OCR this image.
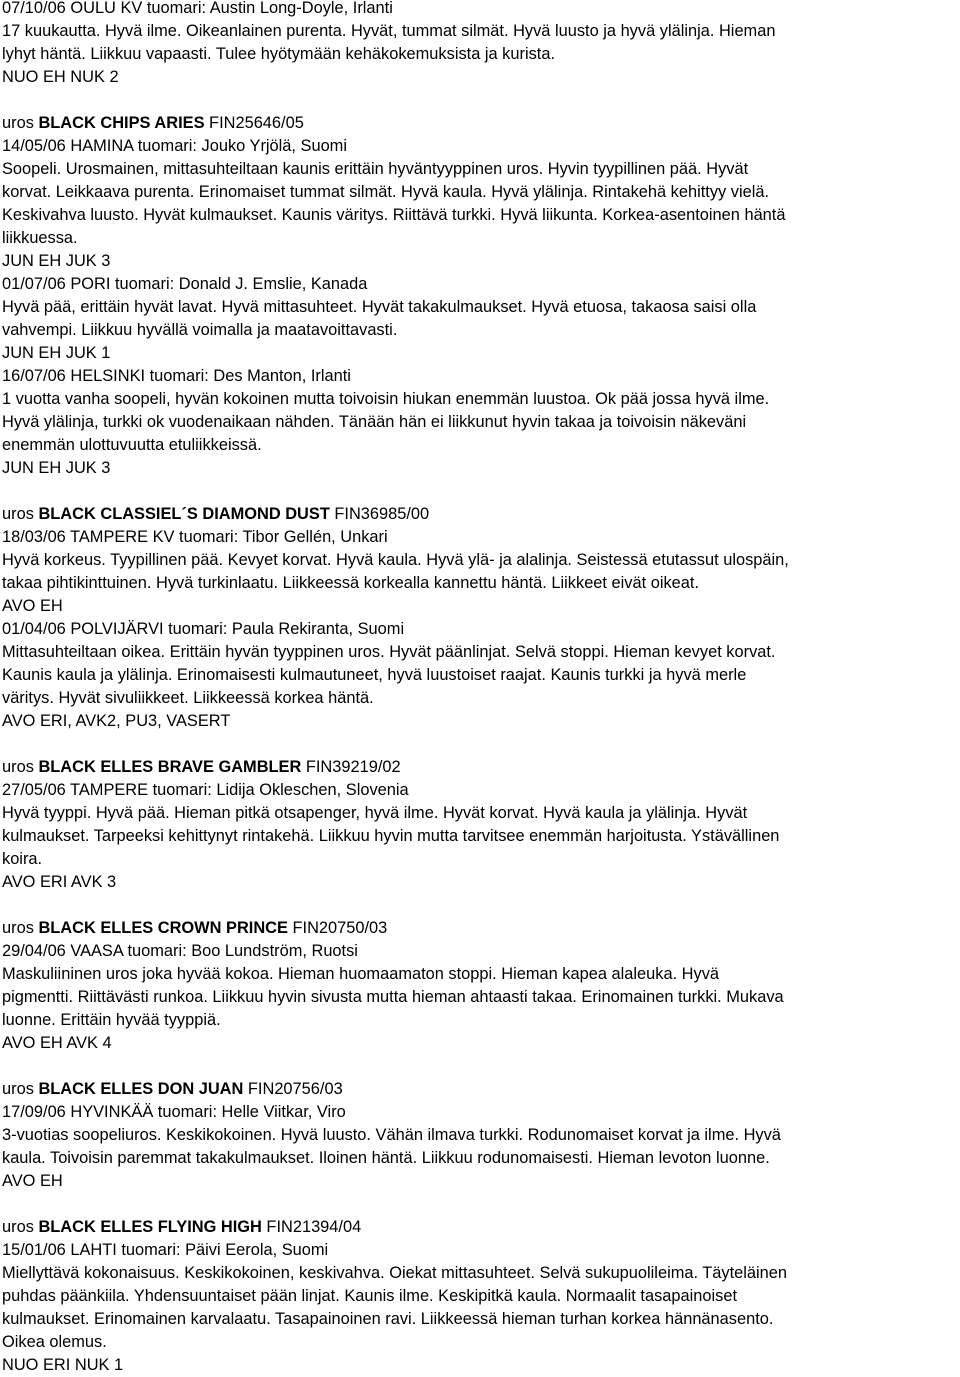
07/10/06 OULU KV tuomari: Austin Long-Doyle, Irlanti
17 kuukautta. Hyvä ilme. Oikeanlainen purenta. Hyvät, tummat silmät. Hyvä luusto ja hyvä ylälinja. Hieman
lyhyt häntä. Liikkuu vapaasti. Tulee hyötymään kehäkokemuksista ja kurista.
NUO EH NUK 2
uros BLACK CHIPS ARIES FIN25646/05
14/05/06 HAMINA tuomari: Jouko Yrjölä, Suomi
Soopeli. Urosmainen, mittasuhteiltaan kaunis erittäin hyväntyyppinen uros. Hyvin tyypillinen pää. Hyvät
korvat. Leikkaava purenta. Erinomaiset tummat silmät. Hyvä kaula. Hyvä ylälinja. Rintakehä kehittyy vielä.
Keskivahva luusto. Hyvät kulmaukset. Kaunis väritys. Riittävä turkki. Hyvä liikunta. Korkea-asentoinen häntä
liikkuessa.
JUN EH JUK 3
01/07/06 PORI tuomari: Donald J. Emslie, Kanada
Hyvä pää, erittäin hyvät lavat. Hyvä mittasuhteet. Hyvät takakulmaukset. Hyvä etuosa, takaosa saisi olla
vahvempi. Liikkuu hyvällä voimalla ja maatavoittavasti.
JUN EH JUK 1
16/07/06 HELSINKI tuomari: Des Manton, Irlanti
1 vuotta vanha soopeli, hyvän kokoinen mutta toivoisin hiukan enemmän luustoa. Ok pää jossa hyvä ilme.
Hyvä ylälinja, turkki ok vuodenaikaan nähden. Tänään hän ei liikkunut hyvin takaa ja toivoisin näkeväni
enemmän ulottuvuutta etuliikkeissä.
JUN EH JUK 3
uros BLACK CLASSIEL´S DIAMOND DUST FIN36985/00
18/03/06 TAMPERE KV tuomari: Tibor Gellén, Unkari
Hyvä korkeus. Tyypillinen pää. Kevyet korvat. Hyvä kaula. Hyvä ylä- ja alalinja. Seistessä etutassut ulospäin,
takaa pihtikinttuinen. Hyvä turkinlaatu. Liikkeessä korkealla kannettu häntä. Liikkeet eivät oikeat.
AVO EH
01/04/06 POLVIJÄRVI tuomari: Paula Rekiranta, Suomi
Mittasuhteiltaan oikea. Erittäin hyvän tyyppinen uros. Hyvät päänlinjat. Selvä stoppi. Hieman kevyet korvat.
Kaunis kaula ja ylälinja. Erinomaisesti kulmautuneet, hyvä luustoiset raajat. Kaunis turkki ja hyvä merle
väritys. Hyvät sivuliikkeet. Liikkeessä korkea häntä.
AVO ERI, AVK2, PU3, VASERT
uros BLACK ELLES BRAVE GAMBLER FIN39219/02
27/05/06 TAMPERE tuomari: Lidija Okleschen, Slovenia
Hyvä tyyppi. Hyvä pää. Hieman pitkä otsapenger, hyvä ilme. Hyvät korvat. Hyvä kaula ja ylälinja. Hyvät
kulmaukset. Tarpeeksi kehittynyt rintakehä. Liikkuu hyvin mutta tarvitsee enemmän harjoitusta. Ystävällinen
koira.
AVO ERI AVK 3
uros BLACK ELLES CROWN PRINCE FIN20750/03
29/04/06 VAASA tuomari: Boo Lundström, Ruotsi
Maskuliininen uros joka hyvää kokoa. Hieman huomaamaton stoppi. Hieman kapea alaleuka. Hyvä
pigmentti. Riittävästi runkoa. Liikkuu hyvin sivusta mutta hieman ahtaasti takaa. Erinomainen turkki. Mukava
luonne. Erittäin hyvää tyyppiä.
AVO EH AVK 4
uros BLACK ELLES DON JUAN FIN20756/03
17/09/06 HYVINKÄÄ tuomari: Helle Viitkar, Viro
3-vuotias soopeliuros. Keskikokoinen. Hyvä luusto. Vähän ilmava turkki. Rodunomaiset korvat ja ilme. Hyvä
kaula. Toivoisin paremmat takakulmaukset. Iloinen häntä. Liikkuu rodunomaisesti. Hieman levoton luonne.
AVO EH
uros BLACK ELLES FLYING HIGH FIN21394/04
15/01/06 LAHTI tuomari: Päivi Eerola, Suomi
Miellyttävä kokonaisuus. Keskikokoinen, keskivahva. Oiekat mittasuhteet. Selvä sukupuolileima. Täyteläinen
puhdas päänkiila. Yhdensuuntaiset pään linjat. Kaunis ilme. Keskipitkä kaula. Normaalit tasapainoiset
kulmaukset. Erinomainen karvalaatu. Tasapainoinen ravi. Liikkeessä hieman turhan korkea hännänasento.
Oikea olemus.
NUO ERI NUK 1
